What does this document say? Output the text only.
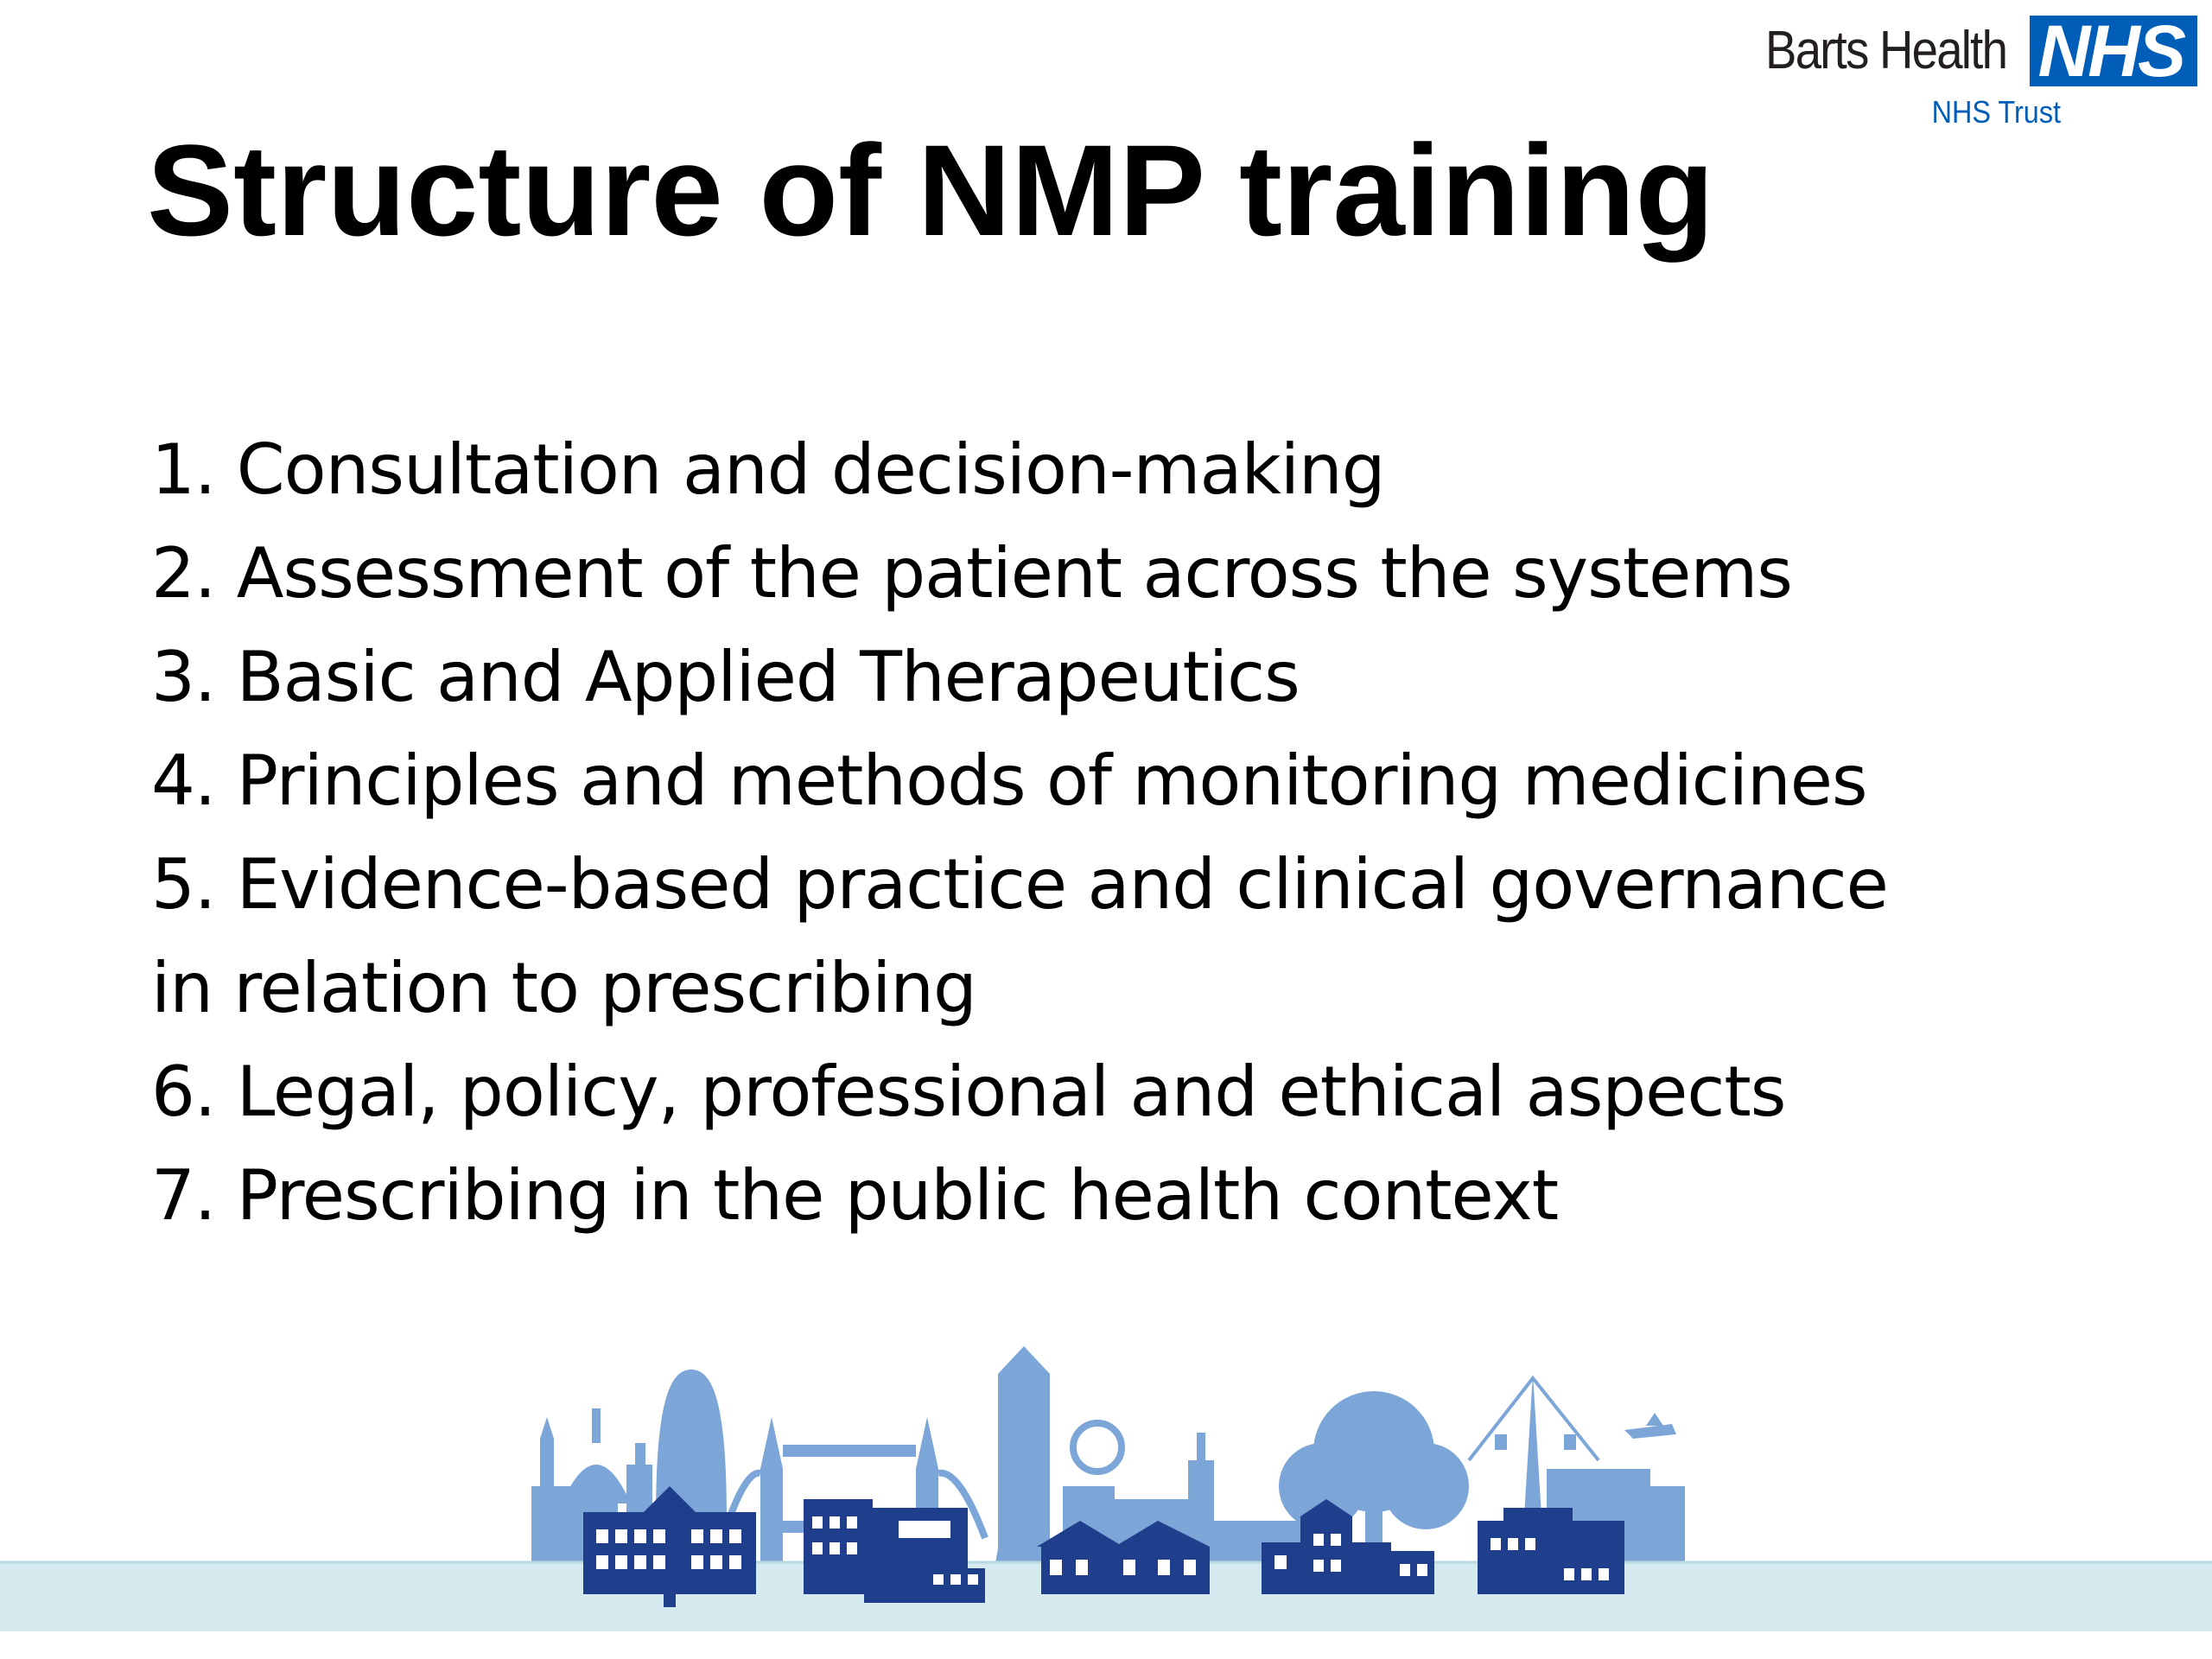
Barts Health NHS
NHS Trust
Structure of NMP training

1. Consultation and decision-making

2. Assessment of the patient across the systems

3. Basic and Applied Therapeutics

4. Principles and methods of monitoring medicines

5. Evidence-based practice and clinical governance

in relation to prescribing

6. Legal, policy, professional and ethical aspects

7. Prescribing in the public health context
